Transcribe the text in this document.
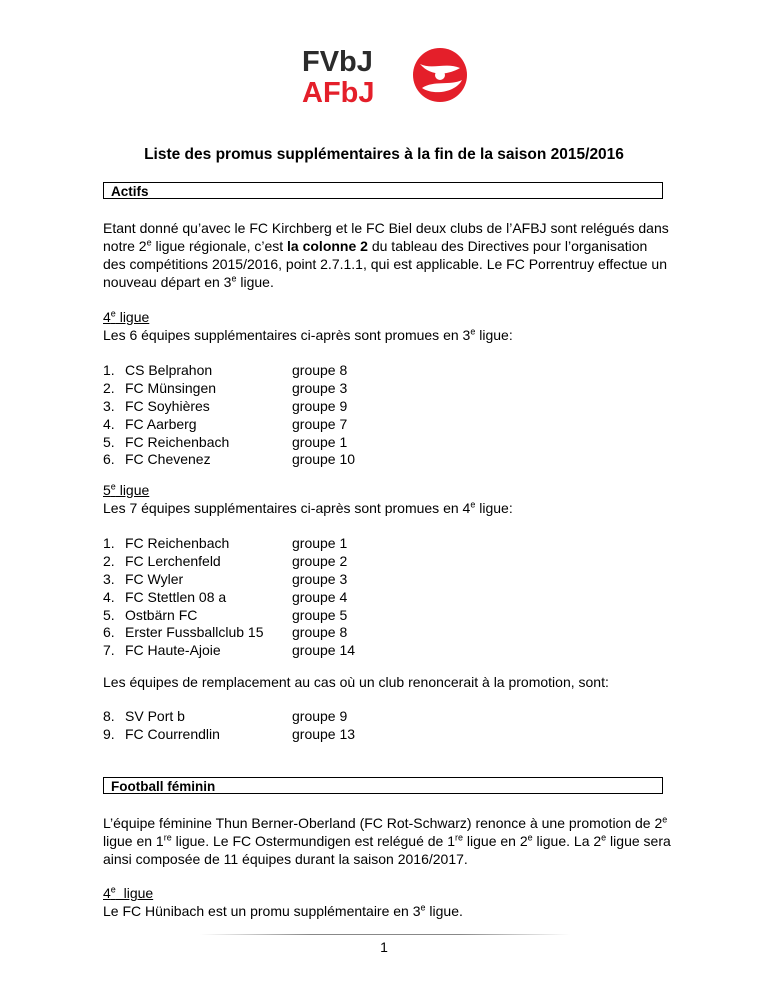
FVbJ
AFbJ
Liste des promus supplémentaires à la fin de la saison 2015/2016
Actifs
Etant donné qu’avec le FC Kirchberg et le FC Biel deux clubs de l’AFBJ sont relégués dans notre 2e ligue régionale, c’est la colonne 2 du tableau des Directives pour l’organisation des compétitions 2015/2016, point 2.7.1.1, qui est applicable. Le FC Porrentruy effectue un nouveau départ en 3e ligue.
4e ligue
Les 6 équipes supplémentaires ci-après sont promues en 3e ligue:
1. CS Belprahon	groupe 8
2. FC Münsingen	groupe 3
3. FC Soyhières	groupe 9
4. FC Aarberg	groupe 7
5. FC Reichenbach	groupe 1
6. FC Chevenez	groupe 10
5e ligue
Les 7 équipes supplémentaires ci-après sont promues en 4e ligue:
1. FC Reichenbach	groupe 1
2. FC Lerchenfeld	groupe 2
3. FC Wyler	groupe 3
4. FC Stettlen 08 a	groupe 4
5. Ostbärn FC	groupe 5
6. Erster Fussballclub 15 groupe 8
7. FC Haute-Ajoie	groupe 14
Les équipes de remplacement au cas où un club renoncerait à la promotion, sont:
8. SV Port b	groupe 9
9. FC Courrendlin	groupe 13
Football féminin
L’équipe féminine Thun Berner-Oberland (FC Rot-Schwarz) renonce à une promotion de 2e ligue en 1re ligue. Le FC Ostermundigen est relégué de 1re ligue en 2e ligue. La 2e ligue sera ainsi composée de 11 équipes durant la saison 2016/2017.
4e  ligue
Le FC Hünibach est un promu supplémentaire en 3e ligue.
1
